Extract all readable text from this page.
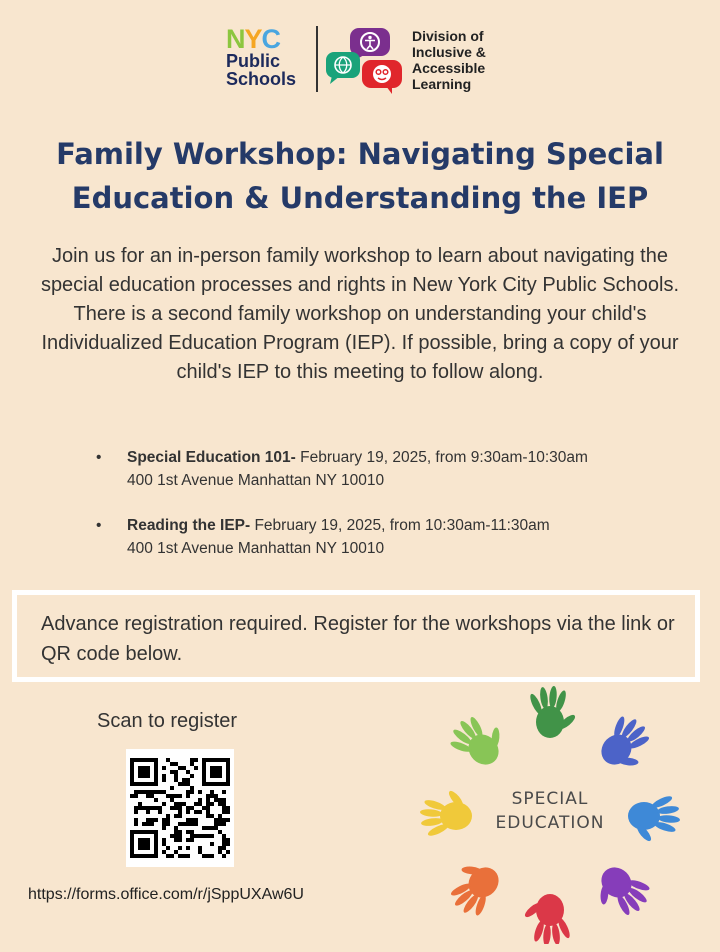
NYC
Public
Schools
Division of
Inclusive &
Accessible
Learning
Family Workshop: Navigating Special Education & Understanding the IEP

Join us for an in-person family workshop to learn about navigating the special education processes and rights in New York City Public Schools. There is a second family workshop on understanding your child's Individualized Education Program (IEP). If possible, bring a copy of your child's IEP to this meeting to follow along.

• Special Education 101- February 19, 2025, from 9:30am-10:30am
400 1st Avenue Manhattan NY 10010
• Reading the IEP- February 19, 2025, from 10:30am-11:30am
400 1st Avenue Manhattan NY 10010

Advance registration required. Register for the workshops via the link or QR code below.

Scan to register
https://forms.office.com/r/jSppUXAw6U
SPECIAL
EDUCATION
